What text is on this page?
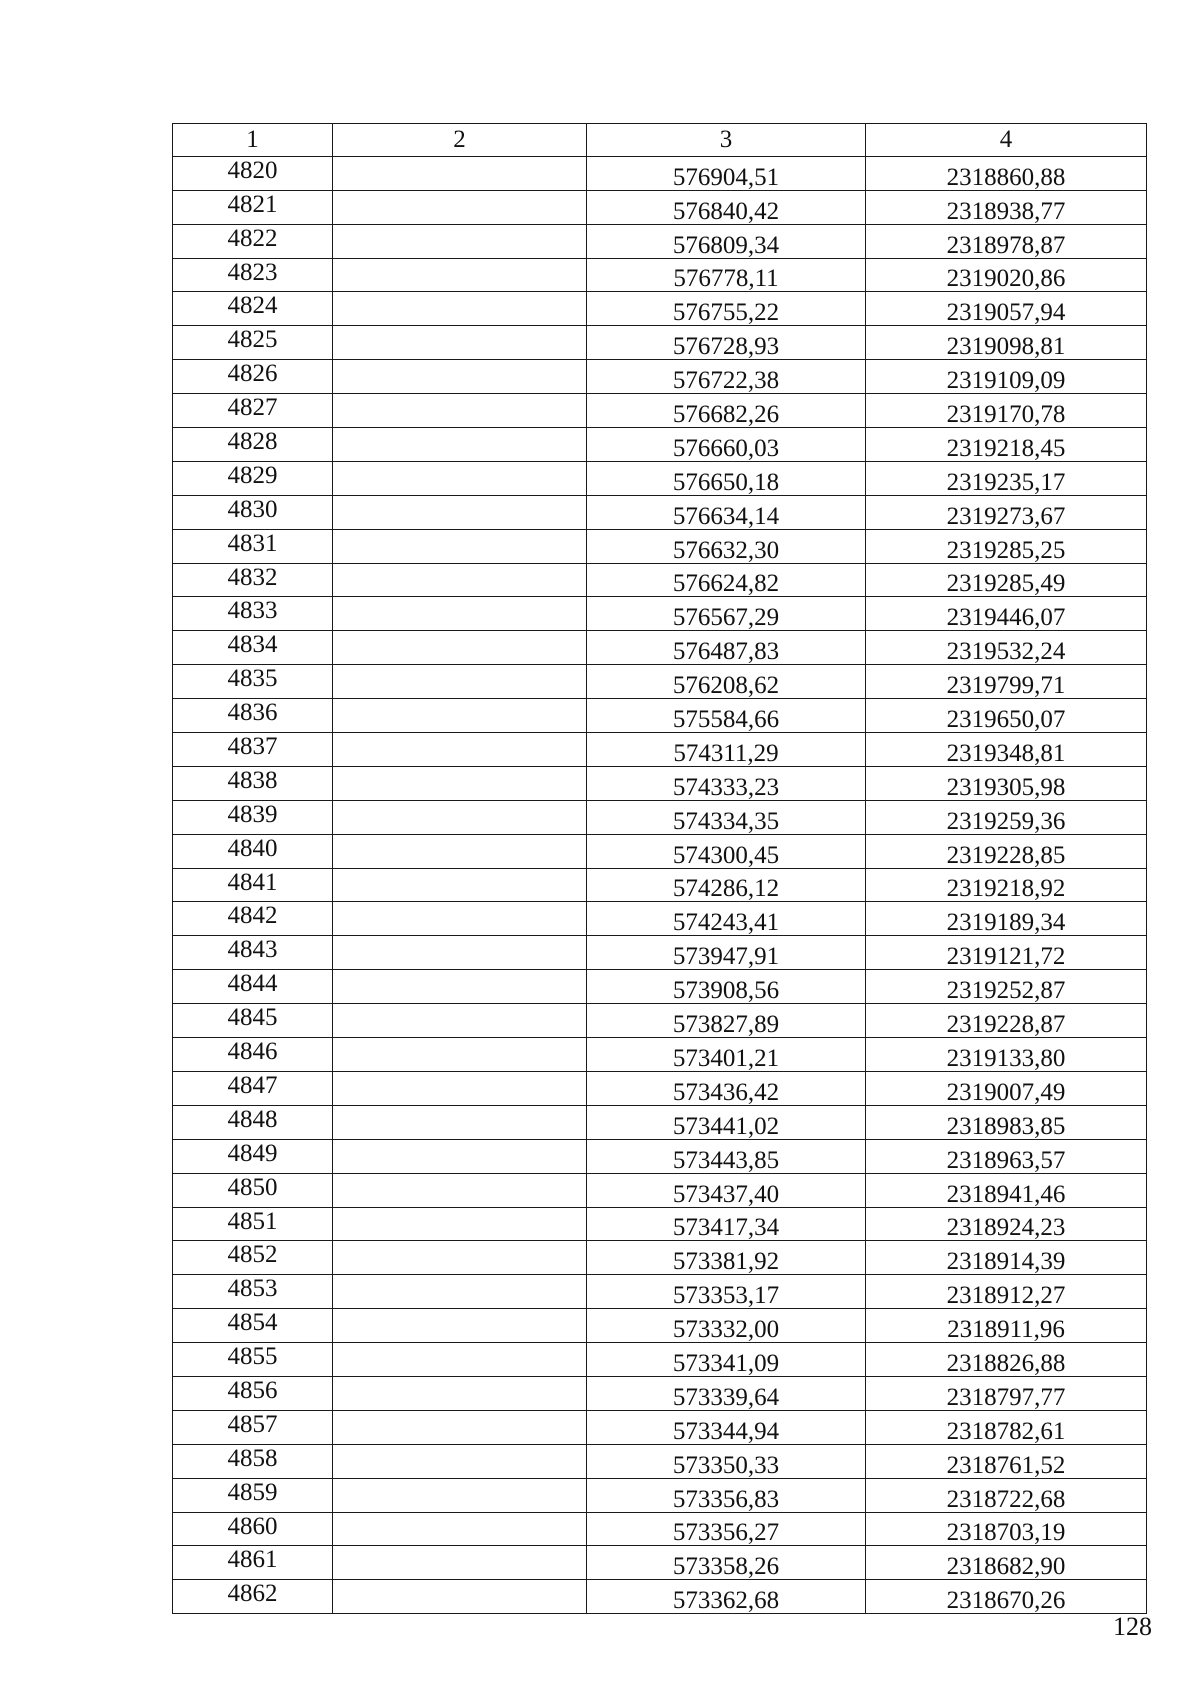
1	2	3	4
4820		576904,51	2318860,88
4821		576840,42	2318938,77
4822		576809,34	2318978,87
4823		576778,11	2319020,86
4824		576755,22	2319057,94
4825		576728,93	2319098,81
4826		576722,38	2319109,09
4827		576682,26	2319170,78
4828		576660,03	2319218,45
4829		576650,18	2319235,17
4830		576634,14	2319273,67
4831		576632,30	2319285,25
4832		576624,82	2319285,49
4833		576567,29	2319446,07
4834		576487,83	2319532,24
4835		576208,62	2319799,71
4836		575584,66	2319650,07
4837		574311,29	2319348,81
4838		574333,23	2319305,98
4839		574334,35	2319259,36
4840		574300,45	2319228,85
4841		574286,12	2319218,92
4842		574243,41	2319189,34
4843		573947,91	2319121,72
4844		573908,56	2319252,87
4845		573827,89	2319228,87
4846		573401,21	2319133,80
4847		573436,42	2319007,49
4848		573441,02	2318983,85
4849		573443,85	2318963,57
4850		573437,40	2318941,46
4851		573417,34	2318924,23
4852		573381,92	2318914,39
4853		573353,17	2318912,27
4854		573332,00	2318911,96
4855		573341,09	2318826,88
4856		573339,64	2318797,77
4857		573344,94	2318782,61
4858		573350,33	2318761,52
4859		573356,83	2318722,68
4860		573356,27	2318703,19
4861		573358,26	2318682,90
4862		573362,68	2318670,26
128
